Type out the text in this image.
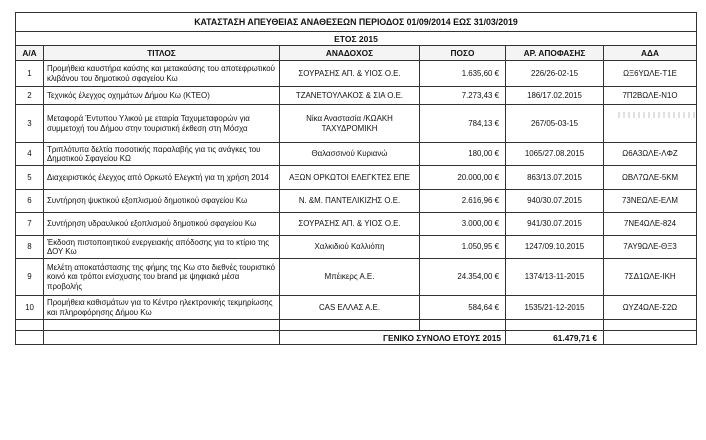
ΚΑΤΑΣΤΑΣΗ ΑΠΕΥΘΕΙΑΣ ΑΝΑΘΕΣΕΩΝ ΠΕΡΙΟΔΟΣ 01/09/2014 ΕΩΣ 31/03/2019					
ΕΤΟΣ 2015					
Α/Α	ΤΙΤΛΟΣ	ΑΝΑΔΟΧΟΣ	ΠΟΣΟ	ΑΡ. ΑΠΟΦΑΣΗΣ	ΑΔΑ
1	Προμήθεια καυστήρα καύσης και μετακαύσης του αποτεφρωτικού κλιβάνου του δημοτικού σφαγείου Κω	ΣΟΥΡΑΣΗΣ ΑΠ. & ΥΙΟΣ Ο.Ε.	1.635,60 €	226/26-02-15	ΩΞ6ΥΩΛΕ-Τ1Ε
2	Τεχνικός έλεγχος οχημάτων Δήμου Κω (ΚΤΕΟ)	ΤΖΑΝΕΤΟΥΛΑΚΟΣ & ΣΙΑ Ο.Ε.	7.273,43 €	186/17.02.2015	7Π2ΒΩΛΕ-Ν1Ο
3	Μεταφορά Έντυπου Υλικού με εταιρία Ταχυμεταφορών για συμμετοχή του Δήμου στην τουριστική έκθεση στη Μόσχα	Νίκα Αναστασία /ΚΩΑΚΗ ΤΑΧΥΔΡΟΜΙΚΗ	784,13 €	267/05-03-15	
4	Τριπλότυπα δελτία ποσοτικής παραλαβής για τις ανάγκες του Δημοτικού Σφαγείου ΚΩ	Θαλασσινού Κυριανώ	180,00 €	1065/27.08.2015	Ω6Α3ΩΛΕ-ΛΦΖ
5	Διαχειριστικός έλεγχος από Ορκωτό Ελεγκτή για τη χρήση 2014	ΑΞΩΝ ΟΡΚΩΤΟΙ ΕΛΕΓΚΤΕΣ ΕΠΕ	20.000,00 €	863/13.07.2015	ΩΒΛ7ΩΛΕ-5ΚΜ
6	Συντήρηση ψυκτικού εξοπλισμού δημοτικού σφαγείου Κω	Ν. &Μ. ΠΑΝΤΕΛΙΚΙΖΗΣ Ο.Ε.	2.616,96 €	940/30.07.2015	73ΝΕΩΛΕ-ΕΛΜ
7	Συντήρηση υδραυλικού εξοπλισμού δημοτικού σφαγείου Κω	ΣΟΥΡΑΣΗΣ ΑΠ. & ΥΙΟΣ Ο.Ε.	3.000,00 €	941/30.07.2015	7ΝΕ4ΩΛΕ-824
8	Έκδοση πιστοποιητικού ενεργειακής απόδοσης για το κτίριο της ΔΟΥ Κω	Χαλκιδιού Καλλιόπη	1.050,95 €	1247/09.10.2015	7ΑΥ9ΩΛΕ-ΘΞ3
9	Μελέτη αποκατάστασης της φήμης της Κω στο διεθνές τουριστικό κοινό και τρόποι ενίσχυσης του brand με ψηφιακά μέσα προβολής	Μπέικερς Α.Ε.	24.354,00 €	1374/13-11-2015	7ΣΔ1ΩΛΕ-ΙΚΗ
10	Προμήθεια καθισμάτων για το Κέντρο ηλεκτρονικής τεκμηρίωσης και πληροφόρησης Δήμου Κω	CAS ΕΛΛΑΣ Α.Ε.	584,64 €	1535/21-12-2015	ΩΥΖ4ΩΛΕ-Σ2Ω

		ΓΕΝΙΚΟ ΣΥΝΟΛΟ ΕΤΟΥΣ 2015		61.479,71 €	
